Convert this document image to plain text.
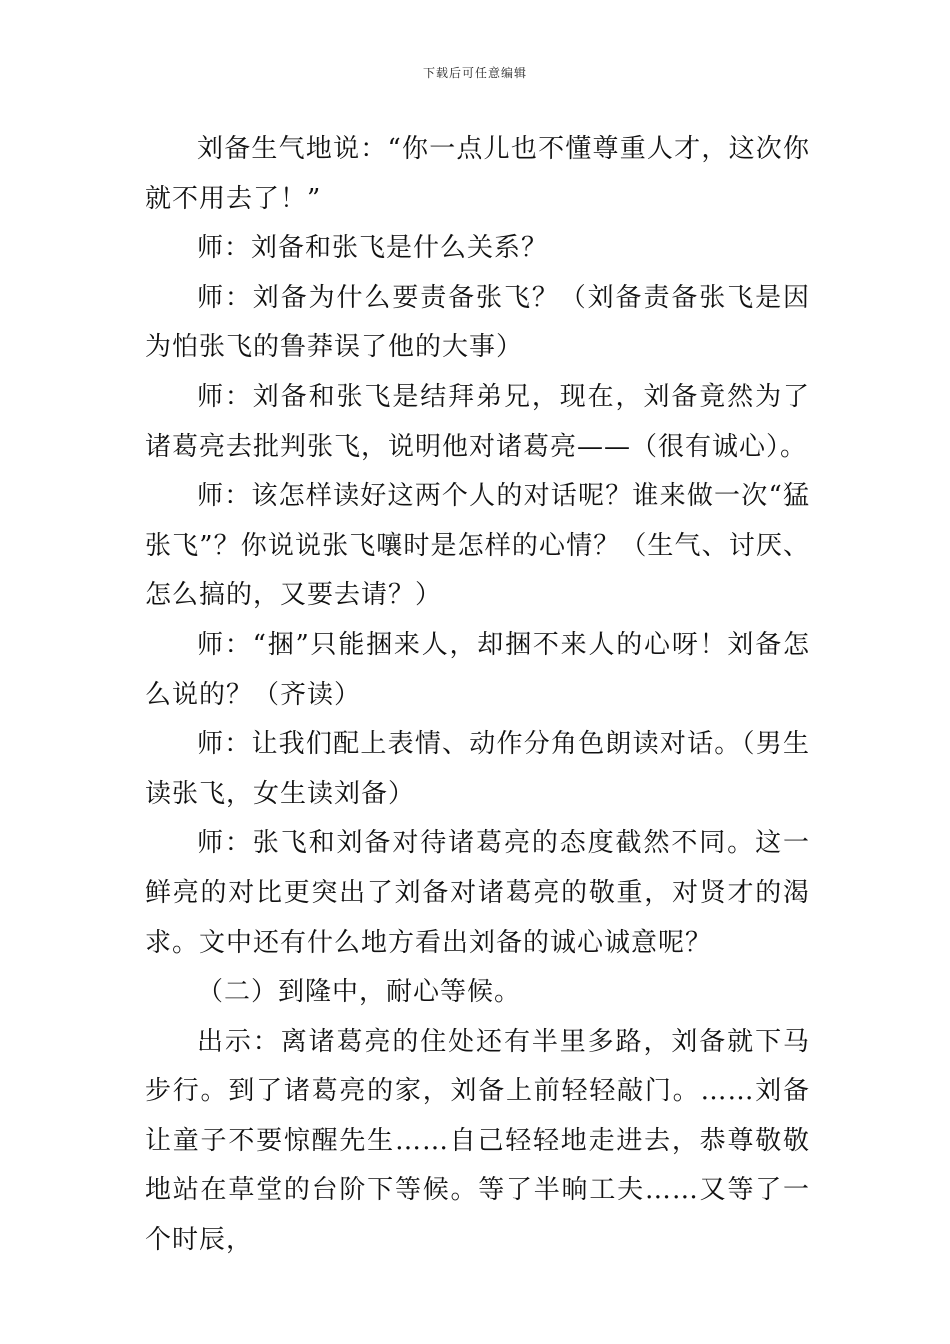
下载后可任意编辑

刘备生气地说：“你一点儿也不懂尊重人才，这次你就不用去了！”

师：刘备和张飞是什么关系？

师：刘备为什么要责备张飞？（刘备责备张飞是因为怕张飞的鲁莽误了他的大事）

师：刘备和张飞是结拜弟兄，现在，刘备竟然为了诸葛亮去批判张飞，说明他对诸葛亮——（很有诚心）。

师：该怎样读好这两个人的对话呢？谁来做一次“猛张飞”？你说说张飞嚷时是怎样的心情？（生气、讨厌、怎么搞的，又要去请？）

师：“捆”只能捆来人，却捆不来人的心呀！刘备怎么说的？（齐读）

师：让我们配上表情、动作分角色朗读对话。（男生读张飞，女生读刘备）

师：张飞和刘备对待诸葛亮的态度截然不同。这一鲜亮的对比更突出了刘备对诸葛亮的敬重，对贤才的渴求。文中还有什么地方看出刘备的诚心诚意呢？

（二）到隆中，耐心等候。

出示：离诸葛亮的住处还有半里多路，刘备就下马步行。到了诸葛亮的家，刘备上前轻轻敲门。……刘备让童子不要惊醒先生……自己轻轻地走进去，恭尊敬敬地站在草堂的台阶下等候。等了半晌工夫……又等了一个时辰，
